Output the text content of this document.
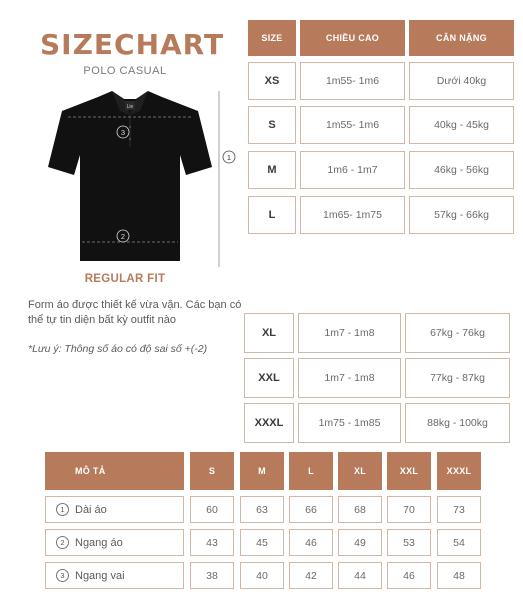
SIZECHART
POLO CASUAL
Lie
3
2
1
REGULAR FIT
Form áo được thiết kế vừa vặn. Các bạn có thể tự tin diện bất kỳ outfit nào
*Lưu ý: Thông số áo có độ sai số +(-2)
SIZE	CHIỀU CAO	CÂN NẶNG
XS	1m55- 1m6	Dưới 40kg
S	1m55- 1m6	40kg - 45kg
M	1m6 - 1m7	46kg - 56kg
L	1m65- 1m75	57kg - 66kg
XL	1m7 - 1m8	67kg - 76kg
XXL	1m7 - 1m8	77kg - 87kg
XXXL	1m75 - 1m85	88kg - 100kg
MÔ TẢ	S	M	L	XL	XXL	XXXL
1 Dài áo	60	63	66	68	70	73
2 Ngang áo	43	45	46	49	53	54
3 Ngang vai	38	40	42	44	46	48
